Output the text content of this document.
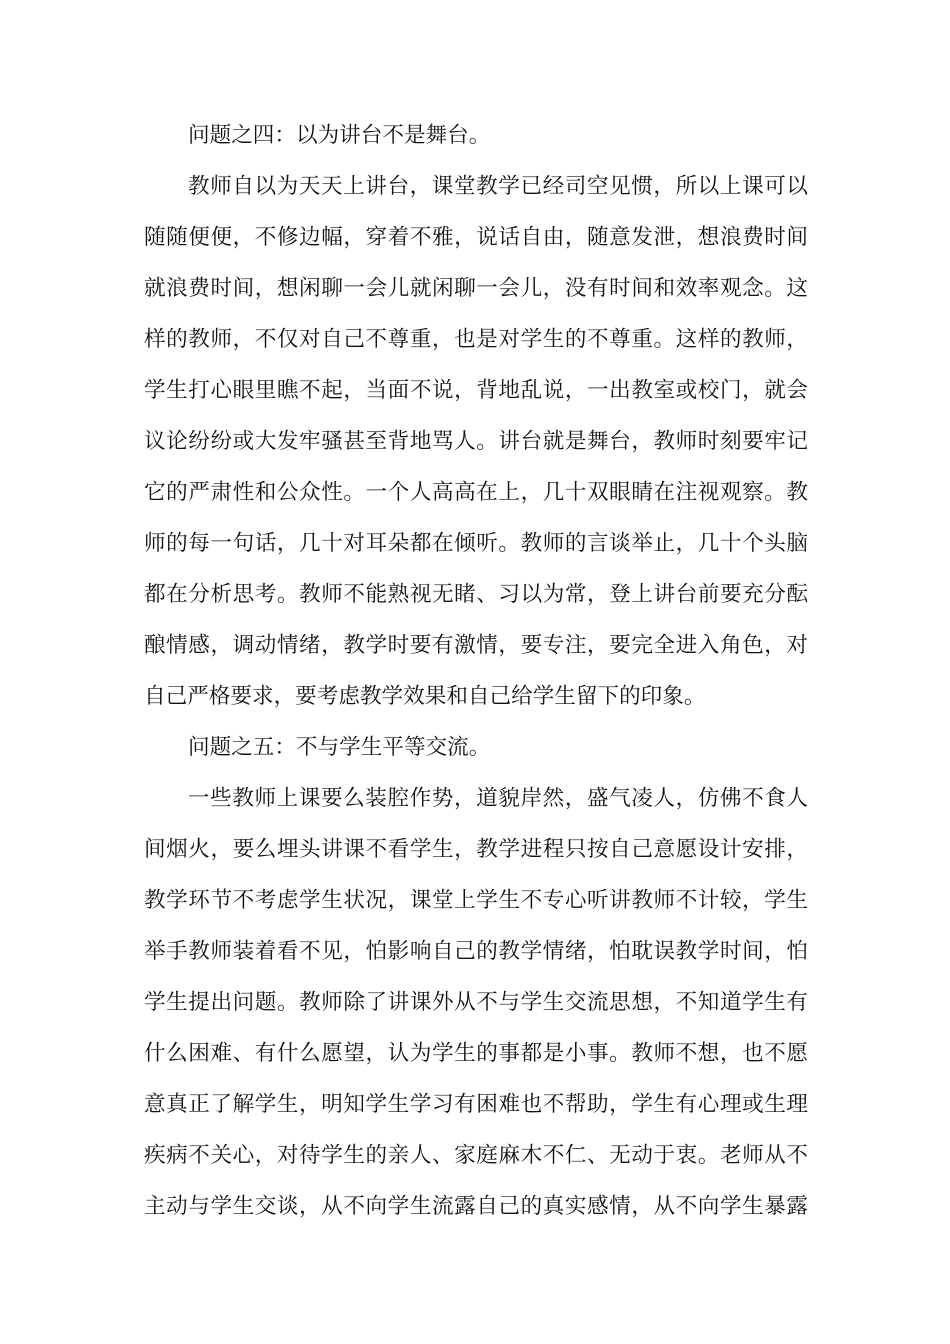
问题之四：以为讲台不是舞台。
教师自以为天天上讲台，课堂教学已经司空见惯，所以上课可以
随随便便，不修边幅，穿着不雅，说话自由，随意发泄，想浪费时间
就浪费时间，想闲聊一会儿就闲聊一会儿，没有时间和效率观念。这
样的教师，不仅对自己不尊重，也是对学生的不尊重。这样的教师，
学生打心眼里瞧不起，当面不说，背地乱说，一出教室或校门，就会
议论纷纷或大发牢骚甚至背地骂人。讲台就是舞台，教师时刻要牢记
它的严肃性和公众性。一个人高高在上，几十双眼睛在注视观察。教
师的每一句话，几十对耳朵都在倾听。教师的言谈举止，几十个头脑
都在分析思考。教师不能熟视无睹、习以为常，登上讲台前要充分酝
酿情感，调动情绪，教学时要有激情，要专注，要完全进入角色，对
自己严格要求，要考虑教学效果和自己给学生留下的印象。
问题之五：不与学生平等交流。
一些教师上课要么装腔作势，道貌岸然，盛气凌人，仿佛不食人
间烟火，要么埋头讲课不看学生，教学进程只按自己意愿设计安排，
教学环节不考虑学生状况，课堂上学生不专心听讲教师不计较，学生
举手教师装着看不见，怕影响自己的教学情绪，怕耽误教学时间，怕
学生提出问题。教师除了讲课外从不与学生交流思想，不知道学生有
什么困难、有什么愿望，认为学生的事都是小事。教师不想，也不愿
意真正了解学生，明知学生学习有困难也不帮助，学生有心理或生理
疾病不关心，对待学生的亲人、家庭麻木不仁、无动于衷。老师从不
主动与学生交谈，从不向学生流露自己的真实感情，从不向学生暴露
